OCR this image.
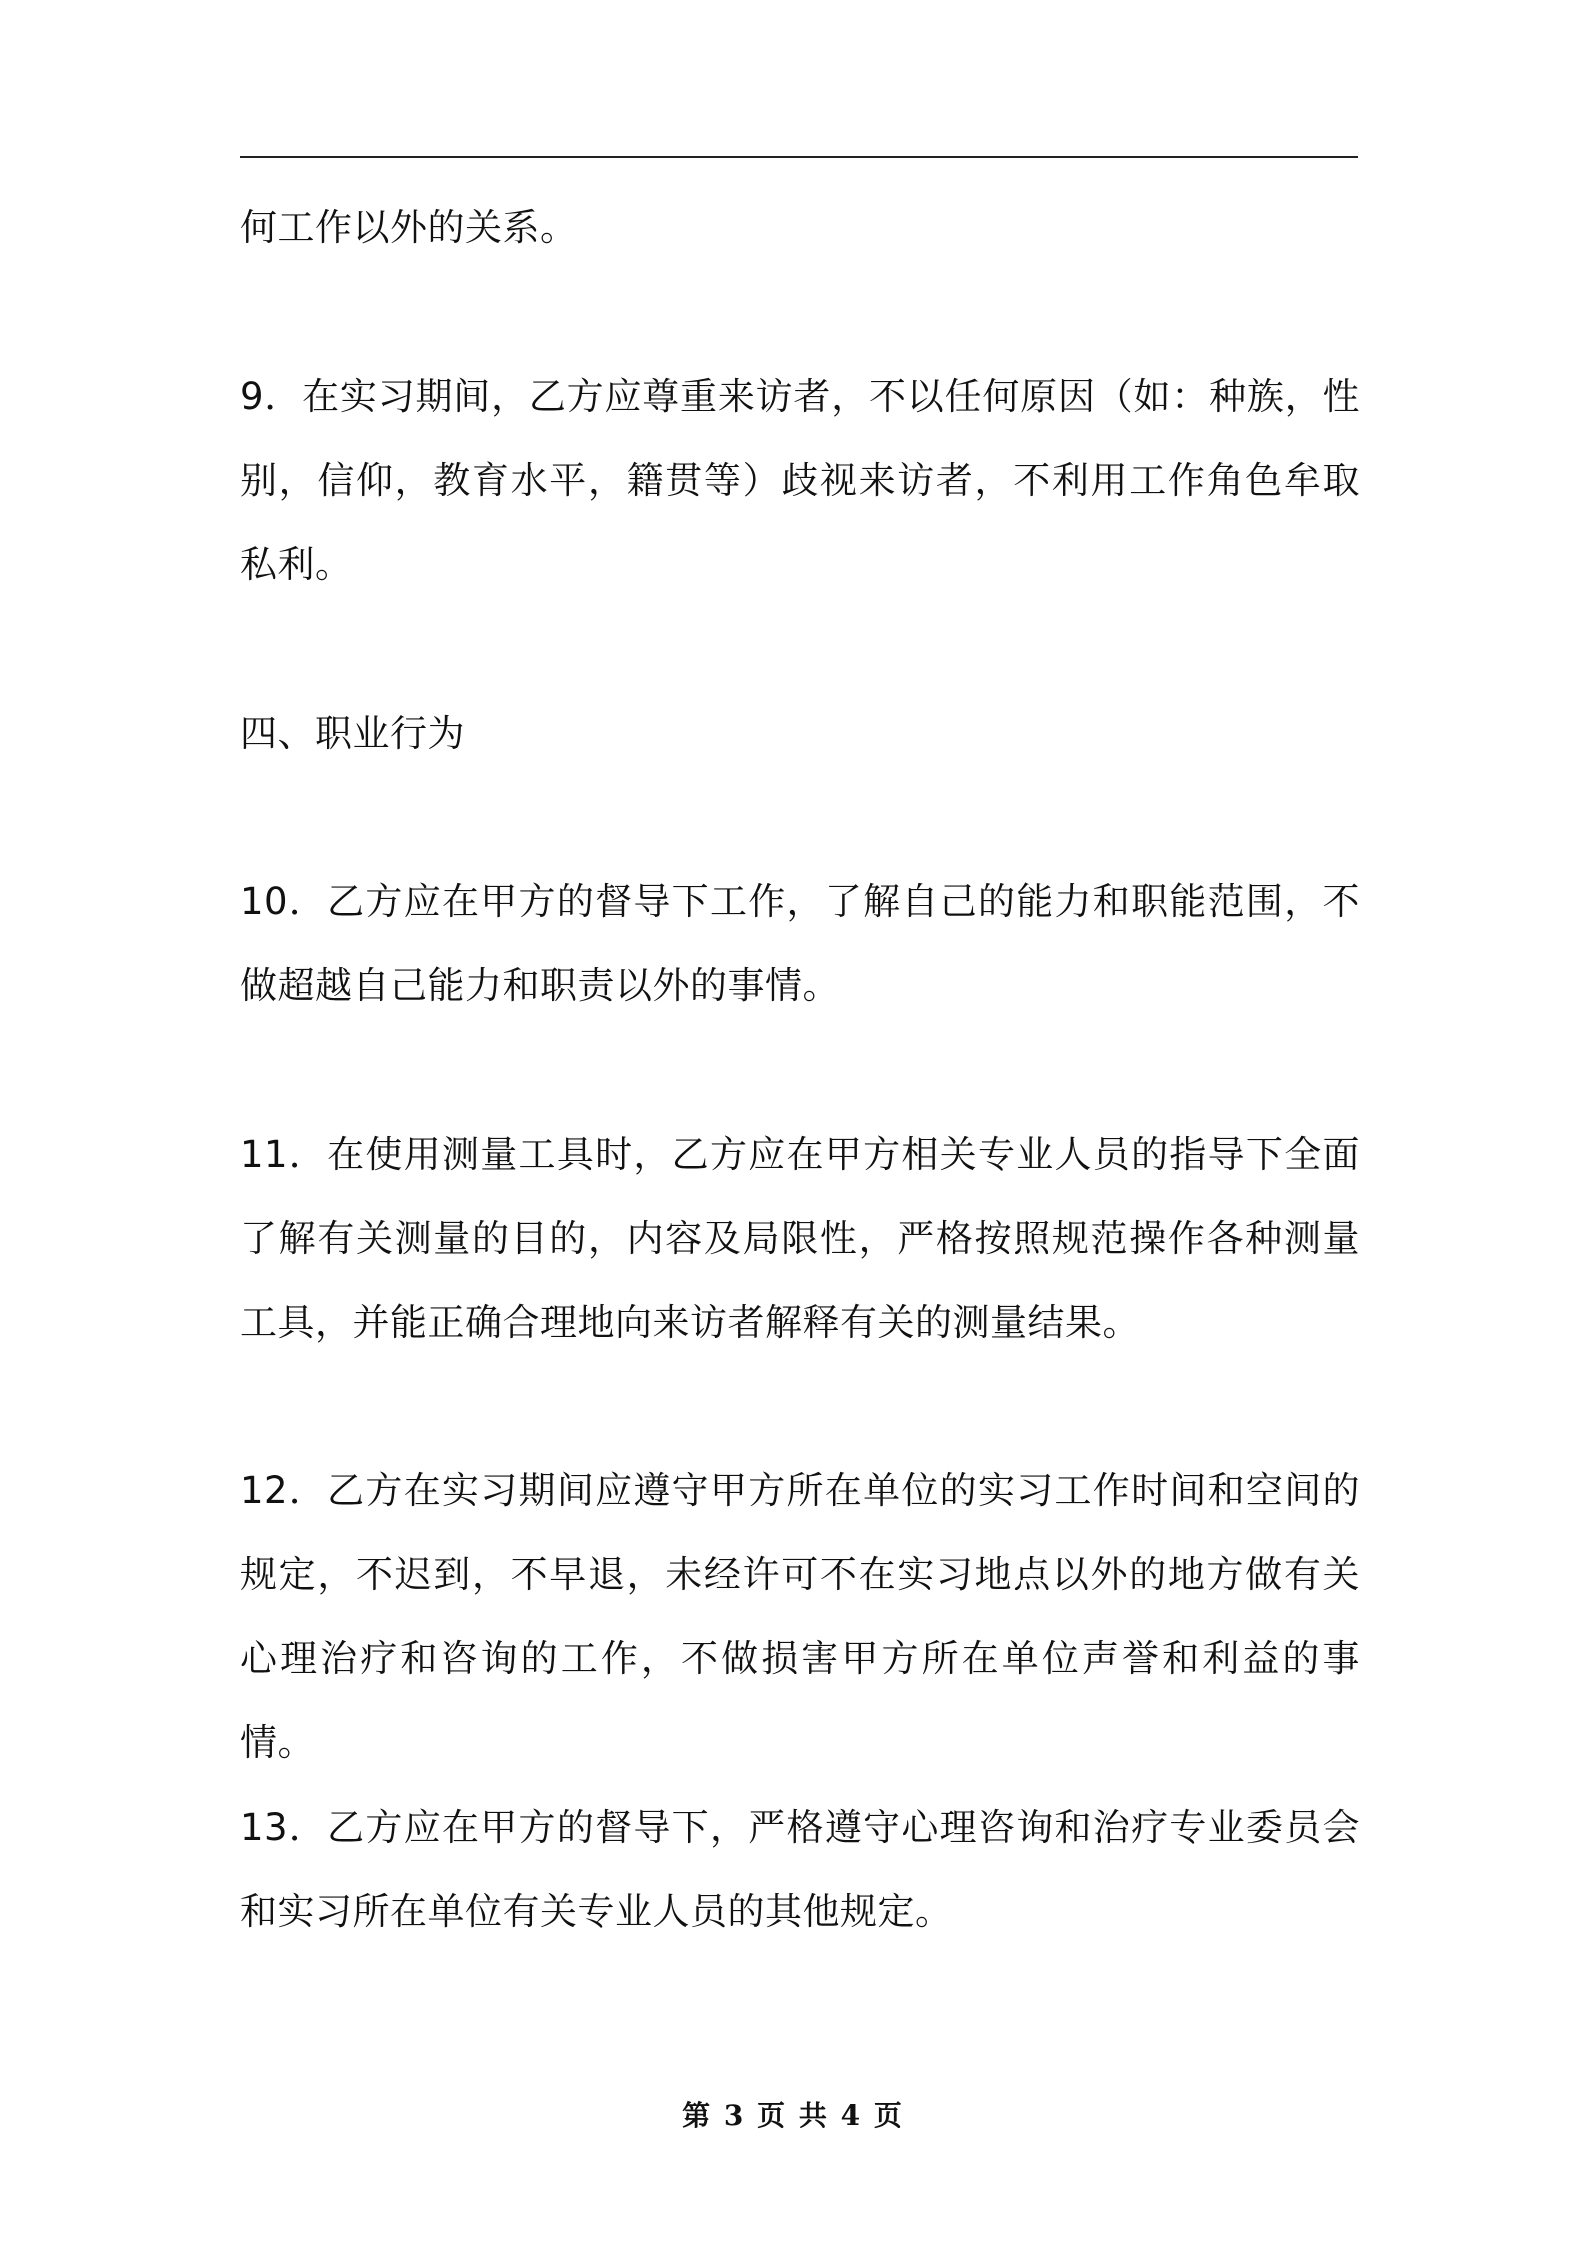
何工作以外的关系。

9．在实习期间，乙方应尊重来访者，不以任何原因（如：种族，性别，信仰，教育水平，籍贯等）歧视来访者，不利用工作角色牟取私利。

四、职业行为

10．乙方应在甲方的督导下工作，了解自己的能力和职能范围，不做超越自己能力和职责以外的事情。

11．在使用测量工具时，乙方应在甲方相关专业人员的指导下全面了解有关测量的目的，内容及局限性，严格按照规范操作各种测量工具，并能正确合理地向来访者解释有关的测量结果。

12．乙方在实习期间应遵守甲方所在单位的实习工作时间和空间的规定，不迟到，不早退，未经许可不在实习地点以外的地方做有关心理治疗和咨询的工作，不做损害甲方所在单位声誉和利益的事情。

13．乙方应在甲方的督导下，严格遵守心理咨询和治疗专业委员会和实习所在单位有关专业人员的其他规定。

第 3 页 共 4 页
